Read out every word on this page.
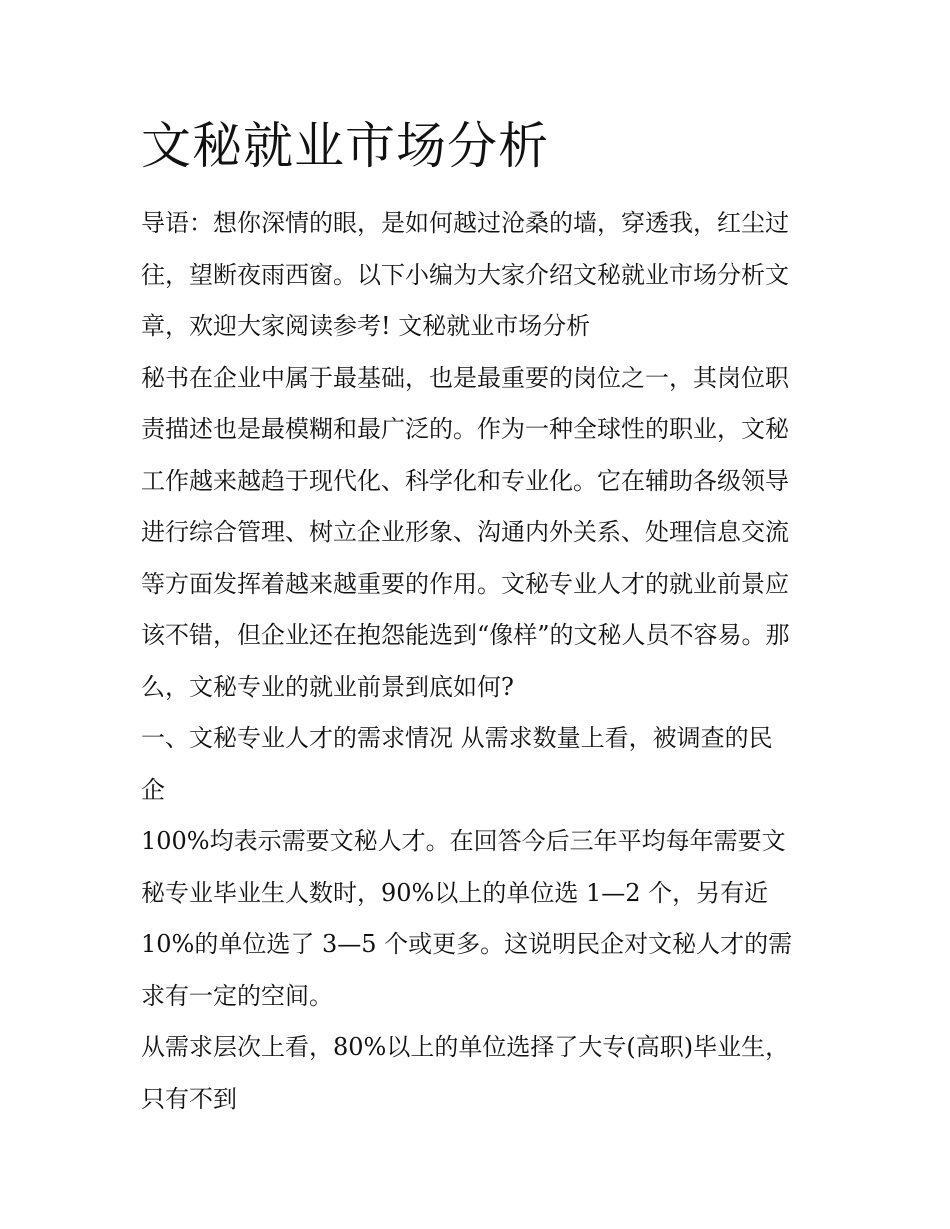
文秘就业市场分析

导语：想你深情的眼，是如何越过沧桑的墙，穿透我，红尘过
往，望断夜雨西窗。以下小编为大家介绍文秘就业市场分析文
章，欢迎大家阅读参考! 文秘就业市场分析

秘书在企业中属于最基础，也是最重要的岗位之一，其岗位职
责描述也是最模糊和最广泛的。作为一种全球性的职业，文秘
工作越来越趋于现代化、科学化和专业化。它在辅助各级领导
进行综合管理、树立企业形象、沟通内外关系、处理信息交流
等方面发挥着越来越重要的作用。文秘专业人才的就业前景应
该不错，但企业还在抱怨能选到“像样”的文秘人员不容易。那
么，文秘专业的就业前景到底如何?

一、文秘专业人才的需求情况 从需求数量上看，被调查的民
企

100%均表示需要文秘人才。在回答今后三年平均每年需要文
秘专业毕业生人数时，90%以上的单位选 1—2 个，另有近
10%的单位选了 3—5 个或更多。这说明民企对文秘人才的需
求有一定的空间。

从需求层次上看，80%以上的单位选择了大专(高职)毕业生，
只有不到
